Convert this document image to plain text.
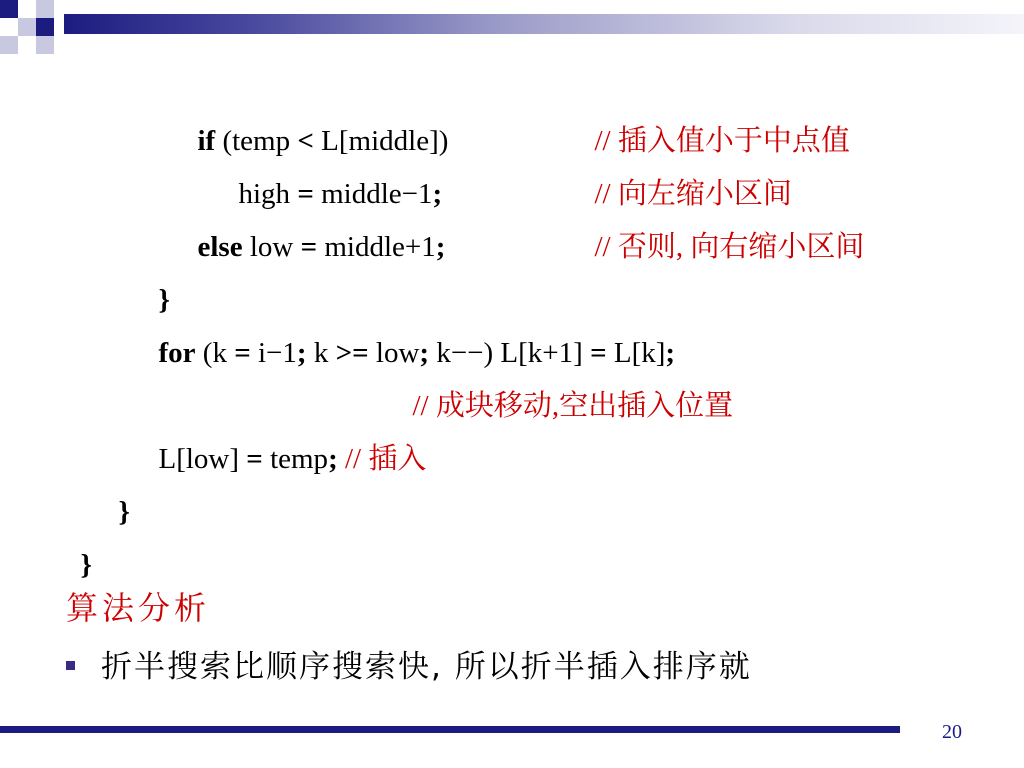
if (temp < L[middle])	// 插入值小于中点值

high = middle−1;	// 向左缩小区间

else low = middle+1;	// 否则, 向右缩小区间

}

for (k = i−1; k >= low; k−−) L[k+1] = L[k];

// 成块移动,空出插入位置

L[low] = temp; // 插入

}

}

算法分析
折半搜索比顺序搜索快, 所以折半插入排序就
20
